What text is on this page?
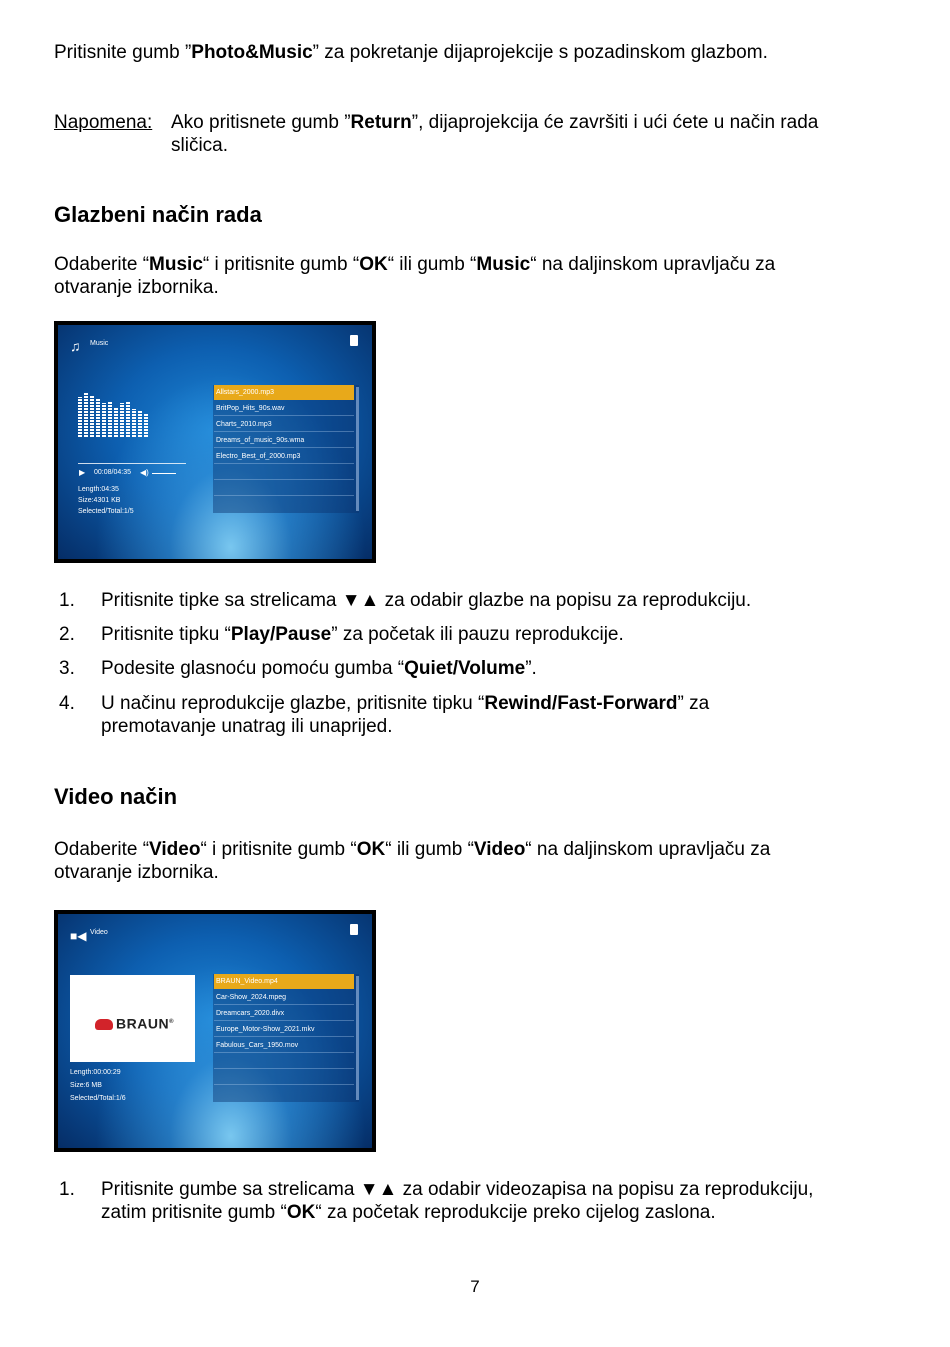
Pritisnite gumb ”Photo&Music” za pokretanje dijaprojekcije s pozadinskom glazbom.

Napomena: Ako pritisnete gumb ”Return”, dijaprojekcija će završiti i ući ćete u način rada
sličica.

Glazbeni način rada

Odaberite “Music“ i pritisnite gumb “OK“ ili gumb “Music“ na daljinskom upravljaču za
otvaranje izbornika.

♫ Music
▶ 00:08/04:35 ◀)
Length:04:35
Size:4301 KB
Selected/Total:1/5
Allstars_2000.mp3
BritPop_Hits_90s.wav
Charts_2010.mp3
Dreams_of_music_90s.wma
Electro_Best_of_2000.mp3
1. Pritisnite tipke sa strelicama ▼▲ za odabir glazbe na popisu za reprodukciju.

2. Pritisnite tipku “Play/Pause” za početak ili pauzu reprodukcije.

3. Podesite glasnoću pomoću gumba “Quiet/Volume”.

4. U načinu reprodukcije glazbe, pritisnite tipku “Rewind/Fast-Forward” za
premotavanje unatrag ili unaprijed.

Video način

Odaberite “Video“ i pritisnite gumb “OK“ ili gumb “Video“ na daljinskom upravljaču za
otvaranje izbornika.

■◀ Video
BRAUN®
Length:00:00:29
Size:6 MB
Selected/Total:1/6
BRAUN_Video.mp4
Car-Show_2024.mpeg
Dreamcars_2020.divx
Europe_Motor-Show_2021.mkv
Fabulous_Cars_1950.mov
1. Pritisnite gumbe sa strelicama ▼▲ za odabir videozapisa na popisu za reprodukciju,
zatim pritisnite gumb “OK“ za početak reprodukcije preko cijelog zaslona.

7
